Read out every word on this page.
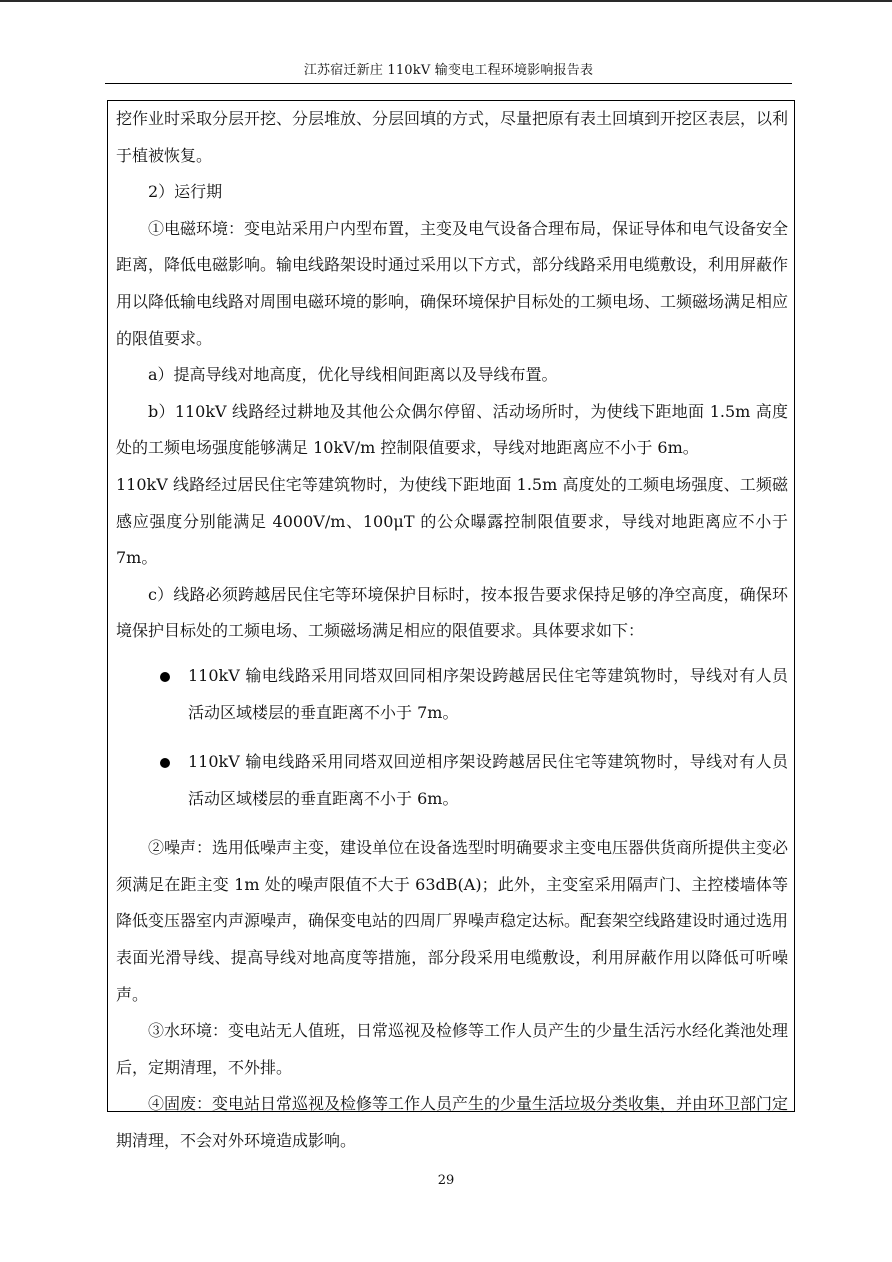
江苏宿迁新庄 110kV 输变电工程环境影响报告表

挖作业时采取分层开挖、分层堆放、分层回填的方式，尽量把原有表土回填到开挖区表层，以利于植被恢复。

2）运行期

①电磁环境：变电站采用户内型布置，主变及电气设备合理布局，保证导体和电气设备安全距离，降低电磁影响。输电线路架设时通过采用以下方式，部分线路采用电缆敷设，利用屏蔽作用以降低输电线路对周围电磁环境的影响，确保环境保护目标处的工频电场、工频磁场满足相应的限值要求。

a）提高导线对地高度，优化导线相间距离以及导线布置。

b）110kV 线路经过耕地及其他公众偶尔停留、活动场所时，为使线下距地面 1.5m 高度处的工频电场强度能够满足 10kV/m 控制限值要求，导线对地距离应不小于 6m。

110kV 线路经过居民住宅等建筑物时，为使线下距地面 1.5m 高度处的工频电场强度、工频磁感应强度分别能满足 4000V/m、100μT 的公众曝露控制限值要求，导线对地距离应不小于 7m。

c）线路必须跨越居民住宅等环境保护目标时，按本报告要求保持足够的净空高度，确保环境保护目标处的工频电场、工频磁场满足相应的限值要求。具体要求如下：

110kV 输电线路采用同塔双回同相序架设跨越居民住宅等建筑物时，导线对有人员活动区域楼层的垂直距离不小于 7m。
110kV 输电线路采用同塔双回逆相序架设跨越居民住宅等建筑物时，导线对有人员活动区域楼层的垂直距离不小于 6m。

②噪声：选用低噪声主变，建设单位在设备选型时明确要求主变电压器供货商所提供主变必须满足在距主变 1m 处的噪声限值不大于 63dB(A)；此外，主变室采用隔声门、主控楼墙体等降低变压器室内声源噪声，确保变电站的四周厂界噪声稳定达标。配套架空线路建设时通过选用表面光滑导线、提高导线对地高度等措施，部分段采用电缆敷设，利用屏蔽作用以降低可听噪声。

③水环境：变电站无人值班，日常巡视及检修等工作人员产生的少量生活污水经化粪池处理后，定期清理，不外排。

④固废：变电站日常巡视及检修等工作人员产生的少量生活垃圾分类收集，并由环卫部门定期清理，不会对外环境造成影响。

29
